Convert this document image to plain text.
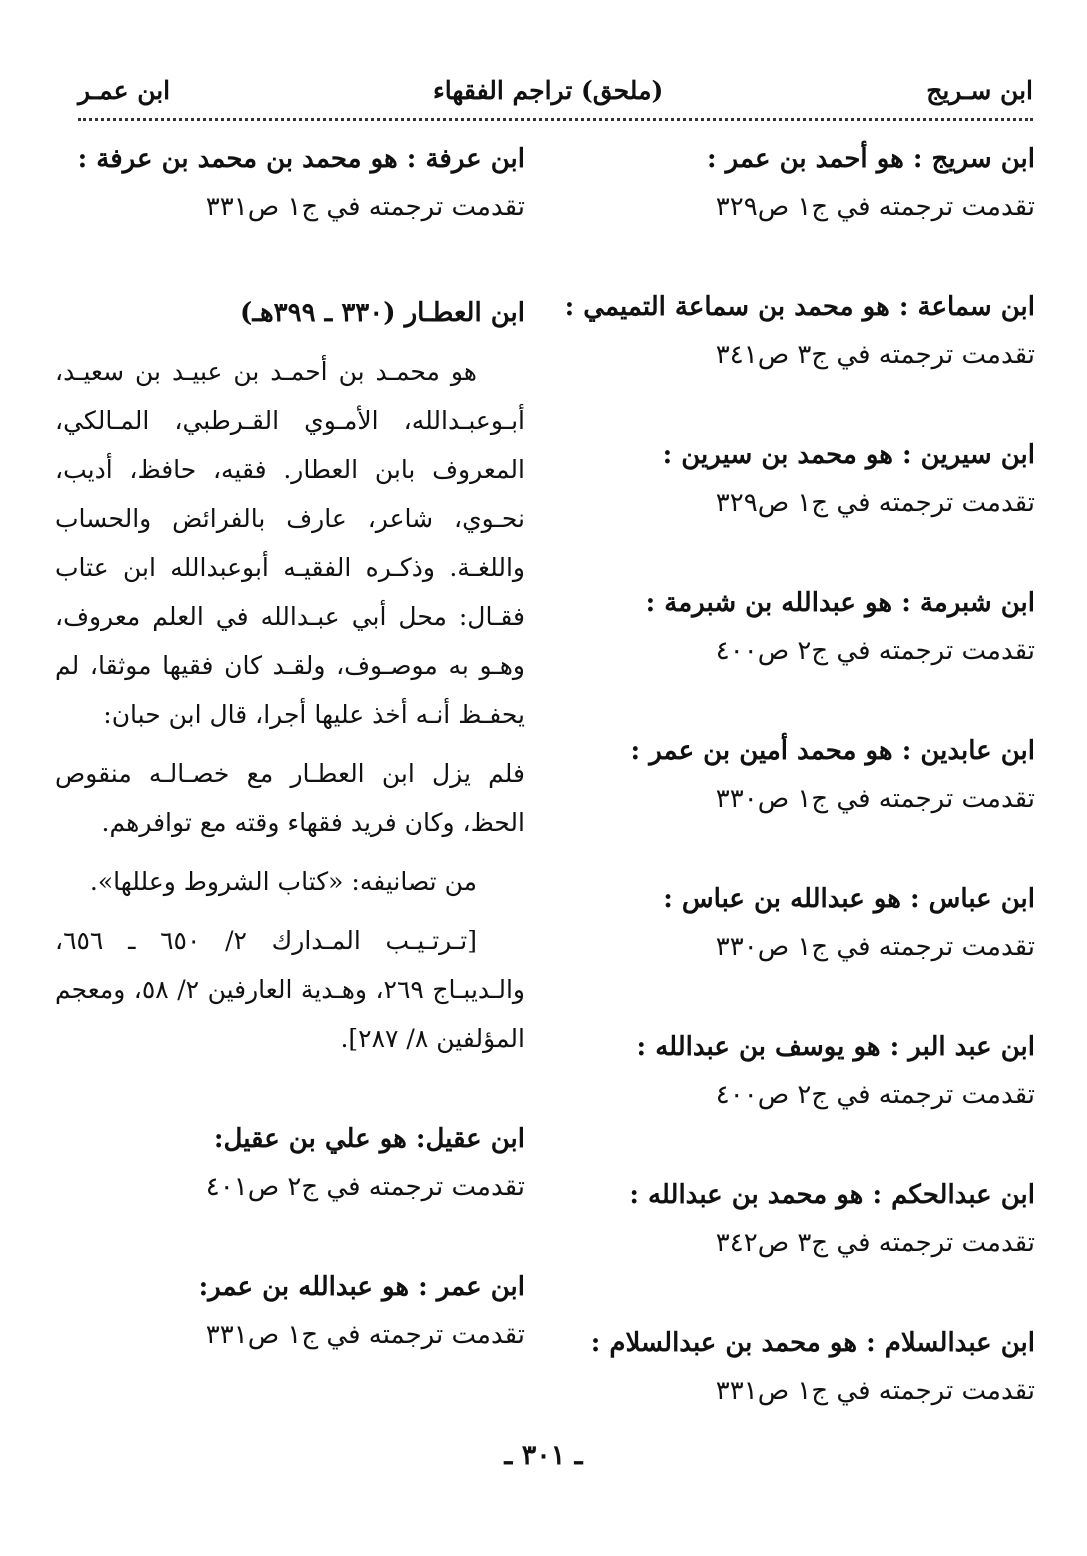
ابن سـريج
(ملحق) تراجم الفقهاء
ابن عمـر
ابن سريج : هو أحمد بن عمر :
تقدمت ترجمته في ج١ ص٣٢٩
ابن سماعة : هو محمد بن سماعة التميمي :
تقدمت ترجمته في ج٣ ص٣٤١
ابن سيرين : هو محمد بن سيرين :
تقدمت ترجمته في ج١ ص٣٢٩
ابن شبرمة : هو عبدالله بن شبرمة :
تقدمت ترجمته في ج٢ ص٤٠٠
ابن عابدين : هو محمد أمين بن عمر :
تقدمت ترجمته في ج١ ص٣٣٠
ابن عباس : هو عبدالله بن عباس :
تقدمت ترجمته في ج١ ص٣٣٠
ابن عبد البر : هو يوسف بن عبدالله :
تقدمت ترجمته في ج٢ ص٤٠٠
ابن عبدالحكم : هو محمد بن عبدالله :
تقدمت ترجمته في ج٣ ص٣٤٢
ابن عبدالسلام : هو محمد بن عبدالسلام :
تقدمت ترجمته في ج١ ص٣٣١
ابن عرفة : هو محمد بن محمد بن عرفة :
تقدمت ترجمته في ج١ ص٣٣١
ابن العطـار (٣٣٠ ـ ٣٩٩هـ)
هو محمـد بن أحمـد بن عبيـد بن سعيـد، أبـوعبـدالله، الأمـوي القـرطبي، المـالكي، المعروف بابن العطار. فقيه، حافظ، أديب، نحـوي، شاعر، عارف بالفرائض والحساب واللغـة. وذكـره الفقيـه أبوعبدالله ابن عتاب فقـال: محل أبي عبـدالله في العلم معروف، وهـو به موصـوف، ولقـد كان فقيها موثقا، لم يحفـظ أنـه أخذ عليها أجرا، قال ابن حبان:
فلم يزل ابن العطـار مع خصـالـه منقوص الحظ، وكان فريد فقهاء وقته مع توافرهم.
من تصانيفه: «كتاب الشروط وعللها».
[تـرتـيـب المـدارك ٢/ ٦٥٠ ـ ٦٥٦، والـديبـاج ٢٦٩، وهـدية العارفين ٢/ ٥٨، ومعجم المؤلفين ٨/ ٢٨٧].
ابن عقيل: هو علي بن عقيل:
تقدمت ترجمته في ج٢ ص٤٠١
ابن عمر : هو عبدالله بن عمر:
تقدمت ترجمته في ج١ ص٣٣١
ـ ٣٠١ ـ
